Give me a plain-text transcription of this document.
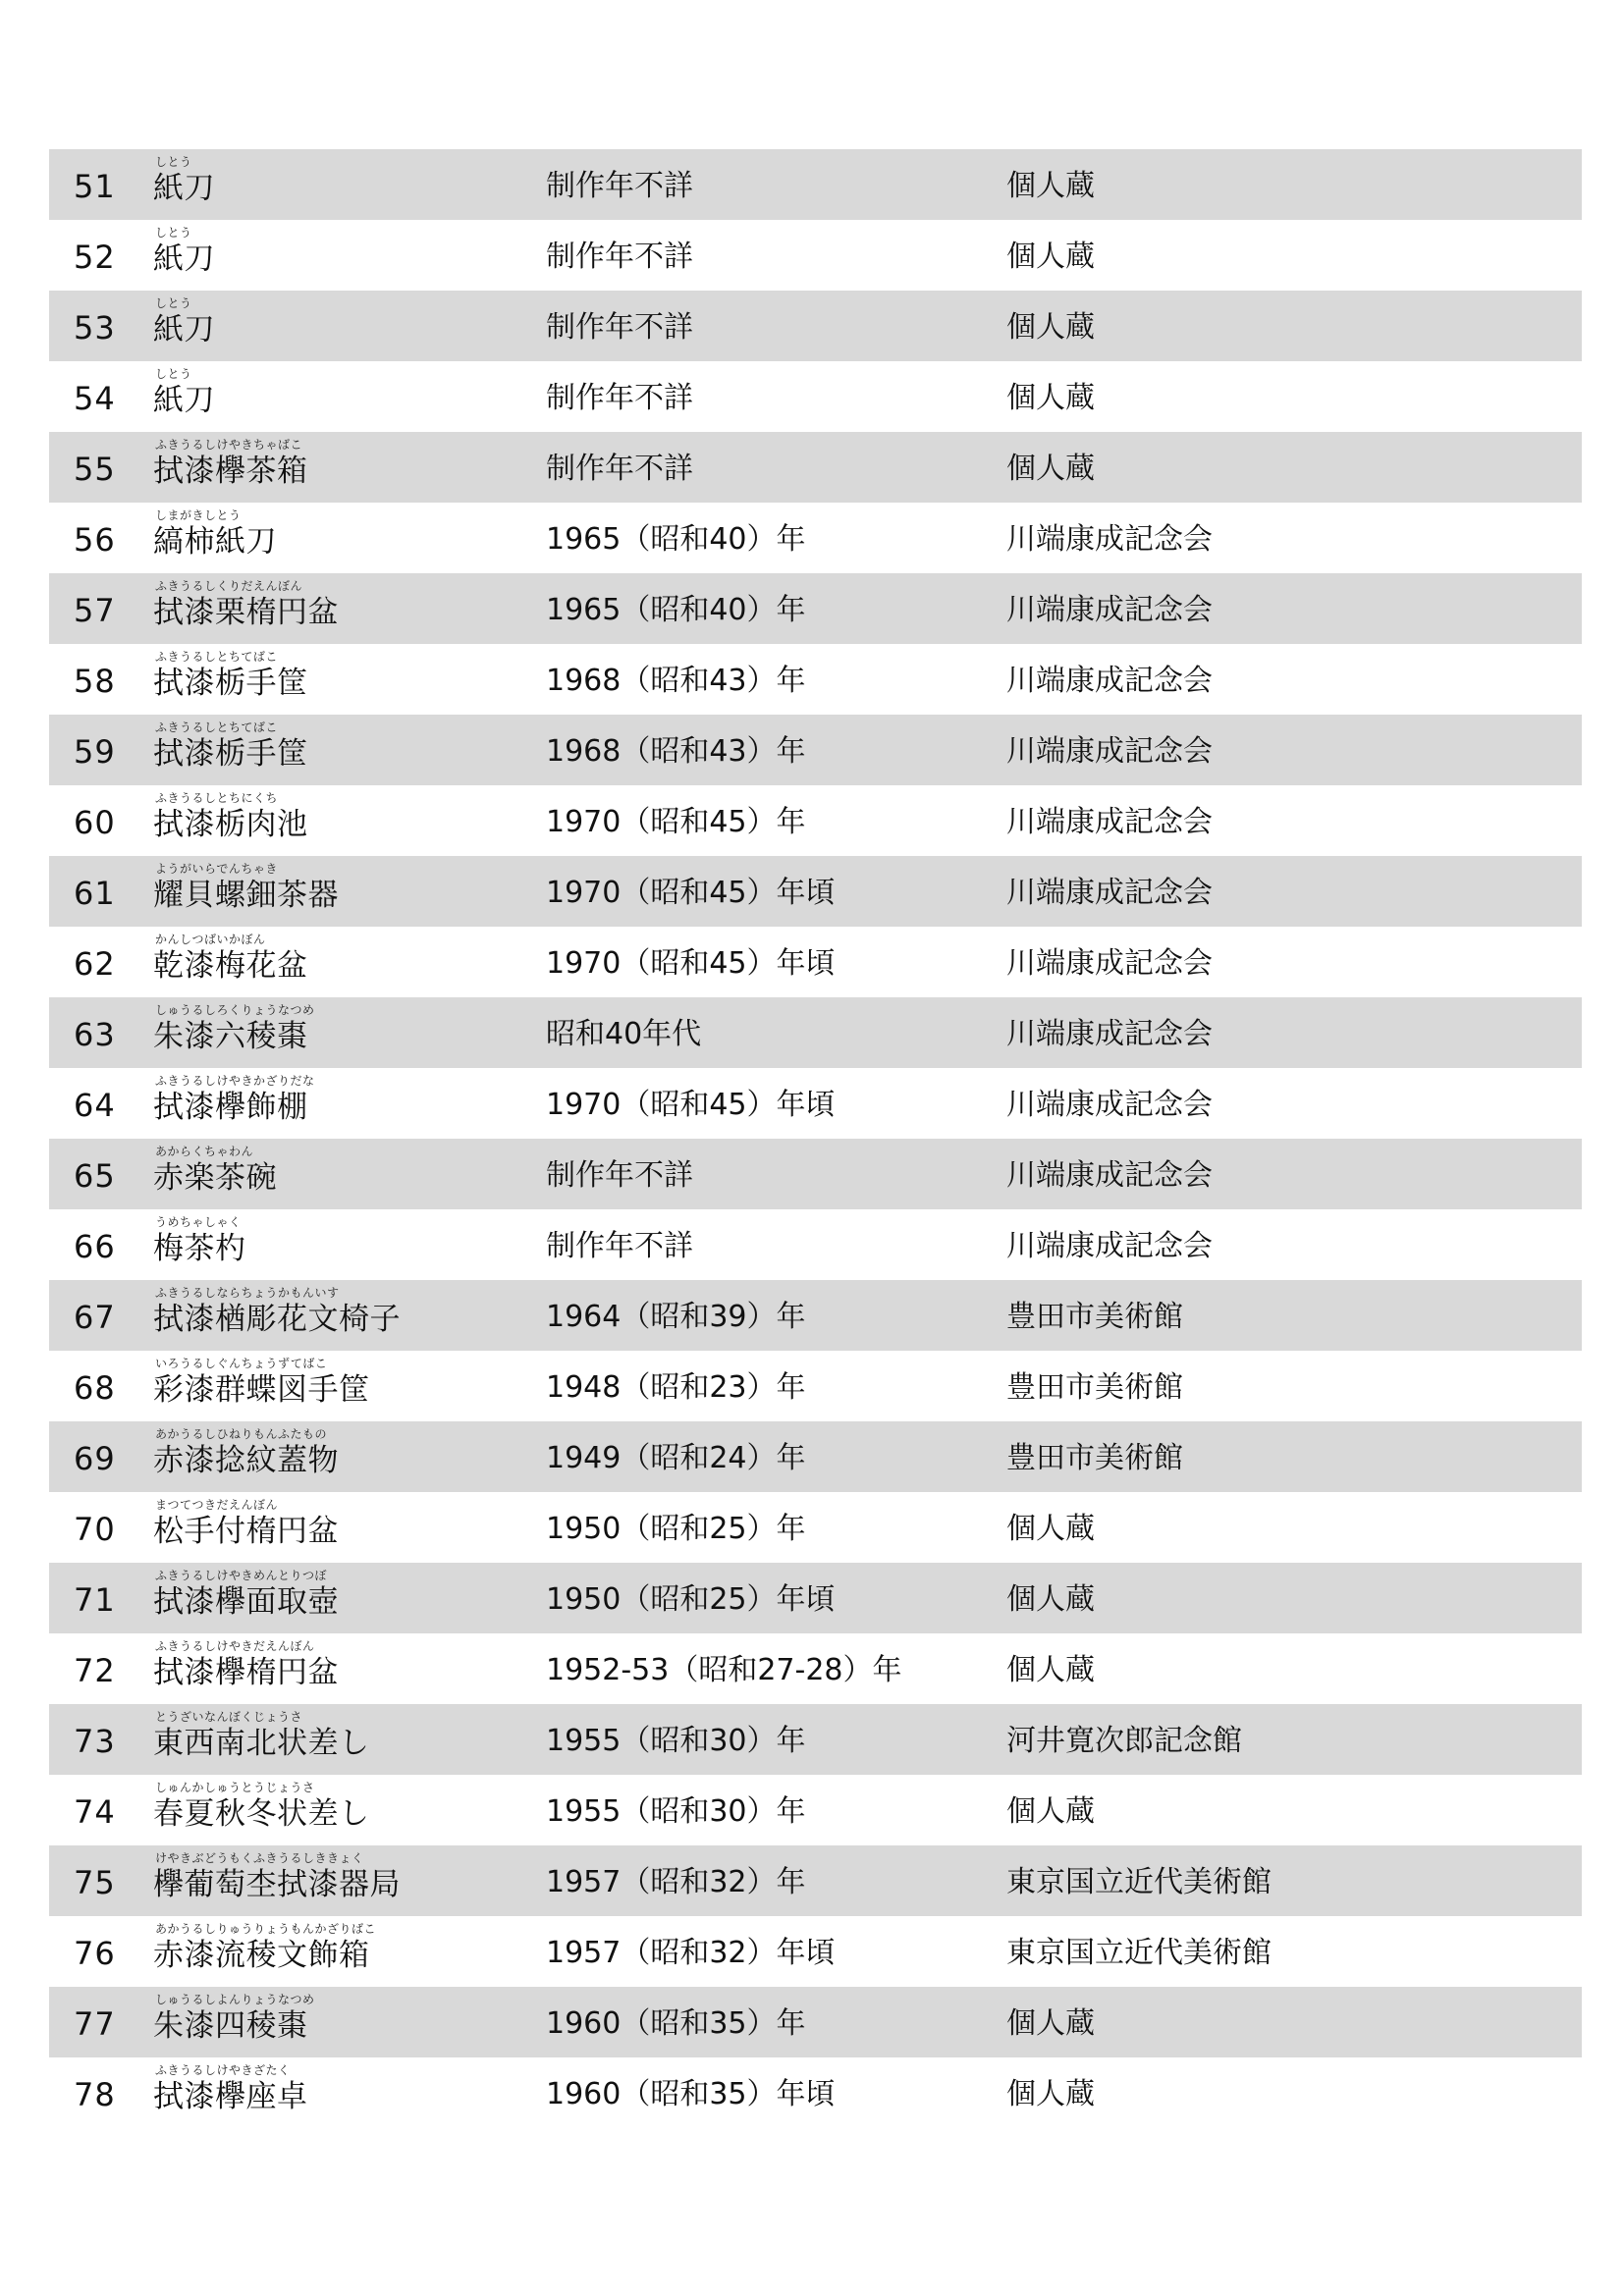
51
しとう
紙刀	制作年不詳	個人蔵
52
しとう
紙刀	制作年不詳	個人蔵
53
しとう
紙刀	制作年不詳	個人蔵
54
しとう
紙刀	制作年不詳	個人蔵
55
ふきうるしけやきちゃばこ
拭漆欅茶箱	制作年不詳	個人蔵
56
しまがきしとう
縞柿紙刀	1965（昭和40）年	川端康成記念会
57
ふきうるしくりだえんぼん
拭漆栗楕円盆	1965（昭和40）年	川端康成記念会
58
ふきうるしとちてばこ
拭漆栃手筐	1968（昭和43）年	川端康成記念会
59
ふきうるしとちてばこ
拭漆栃手筐	1968（昭和43）年	川端康成記念会
60
ふきうるしとちにくち
拭漆栃肉池	1970（昭和45）年	川端康成記念会
61
ようがいらでんちゃき
耀貝螺鈿茶器	1970（昭和45）年頃	川端康成記念会
62
かんしつばいかぼん
乾漆梅花盆	1970（昭和45）年頃	川端康成記念会
63
しゅうるしろくりょうなつめ
朱漆六稜棗	昭和40年代	川端康成記念会
64
ふきうるしけやきかざりだな
拭漆欅飾棚	1970（昭和45）年頃	川端康成記念会
65
あからくちゃわん
赤楽茶碗	制作年不詳	川端康成記念会
66
うめちゃしゃく
梅茶杓	制作年不詳	川端康成記念会
67
ふきうるしならちょうかもんいす
拭漆楢彫花文椅子	1964（昭和39）年	豊田市美術館
68
いろうるしぐんちょうずてばこ
彩漆群蝶図手筐	1948（昭和23）年	豊田市美術館
69
あかうるしひねりもんふたもの
赤漆捻紋蓋物	1949（昭和24）年	豊田市美術館
70
まつてつきだえんぼん
松手付楕円盆	1950（昭和25）年	個人蔵
71
ふきうるしけやきめんとりつぼ
拭漆欅面取壺	1950（昭和25）年頃	個人蔵
72
ふきうるしけやきだえんぼん
拭漆欅楕円盆	1952-53（昭和27-28）年	個人蔵
73
とうざいなんぼくじょうさ
東西南北状差し	1955（昭和30）年	河井寛次郎記念館
74
しゅんかしゅうとうじょうさ
春夏秋冬状差し	1955（昭和30）年	個人蔵
75
けやきぶどうもくふきうるしききょく
欅葡萄杢拭漆器局	1957（昭和32）年	東京国立近代美術館
76
あかうるしりゅうりょうもんかざりばこ
赤漆流稜文飾箱	1957（昭和32）年頃	東京国立近代美術館
77
しゅうるしよんりょうなつめ
朱漆四稜棗	1960（昭和35）年	個人蔵
78
ふきうるしけやきざたく
拭漆欅座卓	1960（昭和35）年頃	個人蔵
